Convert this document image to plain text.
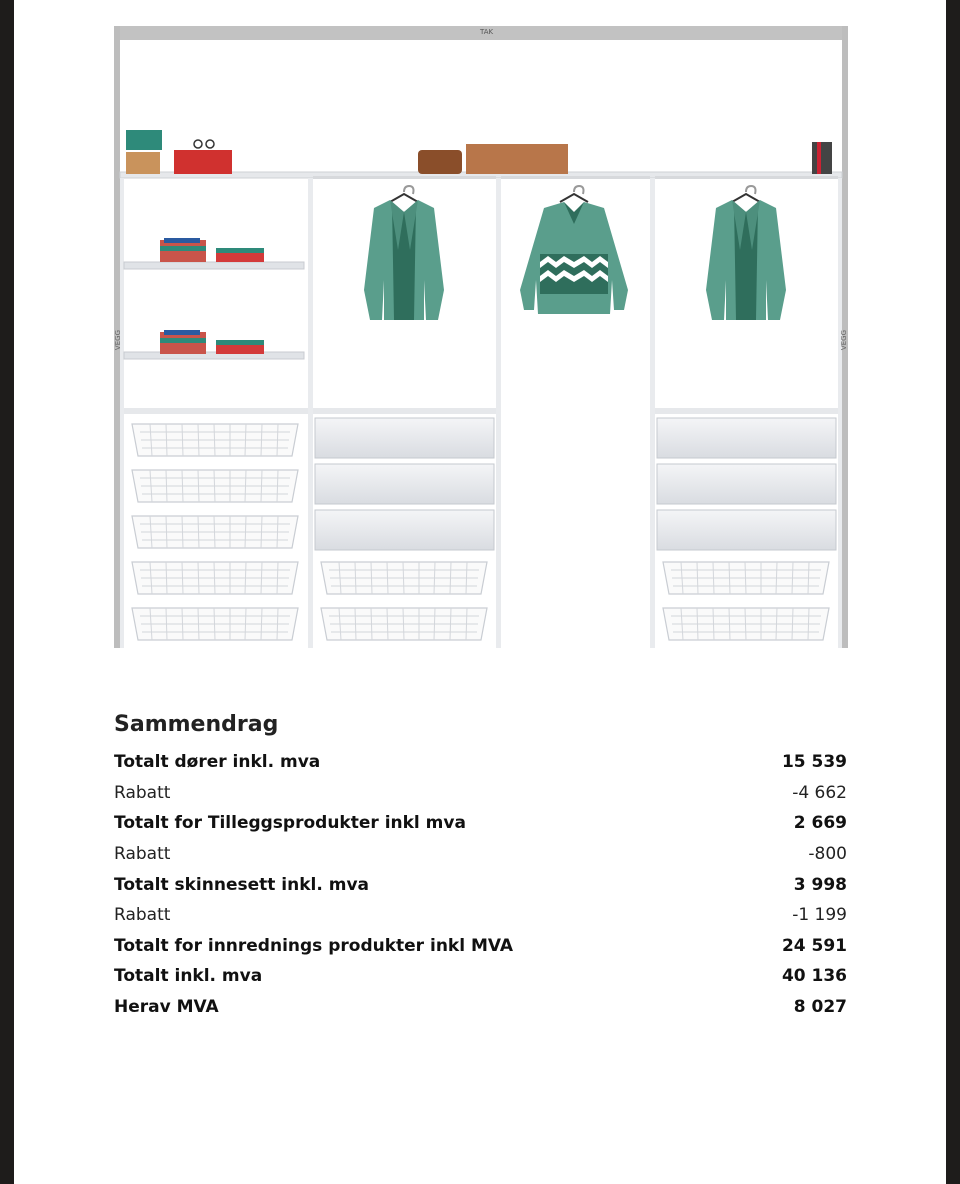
TAK
VEGG	VEGG
Sammendrag
Totalt dører inkl. mva	15 539
Rabatt	-4 662
Totalt for Tilleggsprodukter inkl mva	2 669
Rabatt	-800
Totalt skinnesett inkl. mva	3 998
Rabatt	-1 199
Totalt for innrednings produkter inkl MVA	24 591
Totalt inkl. mva	40 136
Herav MVA	8 027
